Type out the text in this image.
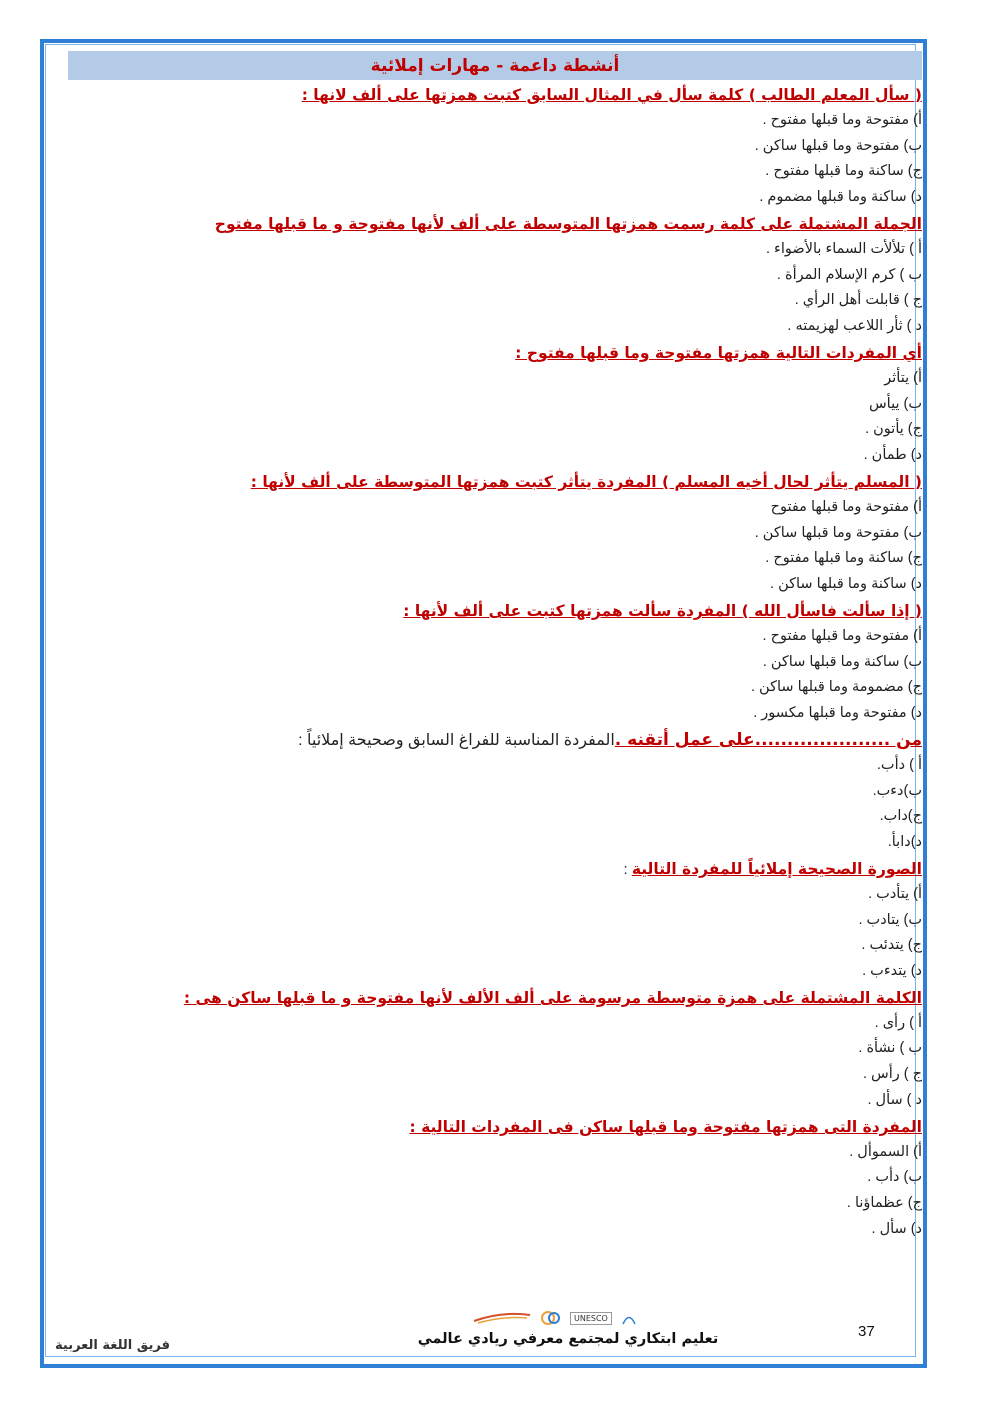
أنشطة داعمة - مهارات إملائية
( سأل المعلم الطالب ) كلمة سأل في المثال السابق كتبت همزتها على ألف لانها :
أ) مفتوحة وما قبلها مفتوح .
ب) مفتوحة وما قبلها ساكن .
ج) ساكنة وما قبلها مفتوح .
د) ساكنة وما قبلها مضموم .
الجملة المشتملة على كلمة رسمت همزتها المتوسطة على ألف لأنها مفتوحة و ما قبلها مفتوح
أ ) تلألأت السماء بالأضواء .
ب ) كرم الإسلام المرأة .
ج ) قابلت أهل الرأي .
د ) ثأر اللاعب لهزيمته .
أي المفردات التالية همزتها مفتوحة وما قبلها مفتوح :
أ) يتأثر
ب) ييأس
ج) يأتون .
د) طمأن .
( المسلم يتأثر لحال أخيه المسلم ) المفردة يتأثر كتبت همزتها المتوسطة على ألف لأنها :
أ) مفتوحة وما قبلها مفتوح
ب) مفتوحة وما قبلها ساكن .
ج) ساكنة وما قبلها مفتوح .
د) ساكنة وما قبلها ساكن .
( إذا سألت فاسأل الله ) المفردة سألت همزتها كتبت على ألف لأنها :
أ) مفتوحة وما قبلها مفتوح .
ب) ساكنة وما قبلها ساكن .
ج) مضمومة وما قبلها ساكن .
د) مفتوحة وما قبلها مكسور .
من .....................على عمل أتقنه .المفردة المناسبة للفراغ السابق وصحيحة إملائياً :
أ ) دأب.
ب)دءب.
ج)داب.
د)دابأ.
الصورة الصحيحة إملائياً للمفردة التالية :
أ) يتأدب .
ب) يتادب .
ج) يتدئب .
د) يتدءب .
الكلمة المشتملة على همزة متوسطة مرسومة على ألف الألف لأنها مفتوحة و ما قبلها ساكن هى :
أ ) رأى .
ب ) نشأة .
ج ) رأس .
د ) سأل .
المفردة التى همزتها مفتوحة وما قبلها ساكن فى المفردات التالية :
أ) السموأل .
ب) دأب .
ج) عظماؤنا .
د) سأل .
UNESCO
37
تعليم ابتكاري لمجتمع معرفي ريادي عالمي
فريق اللغة العربية
